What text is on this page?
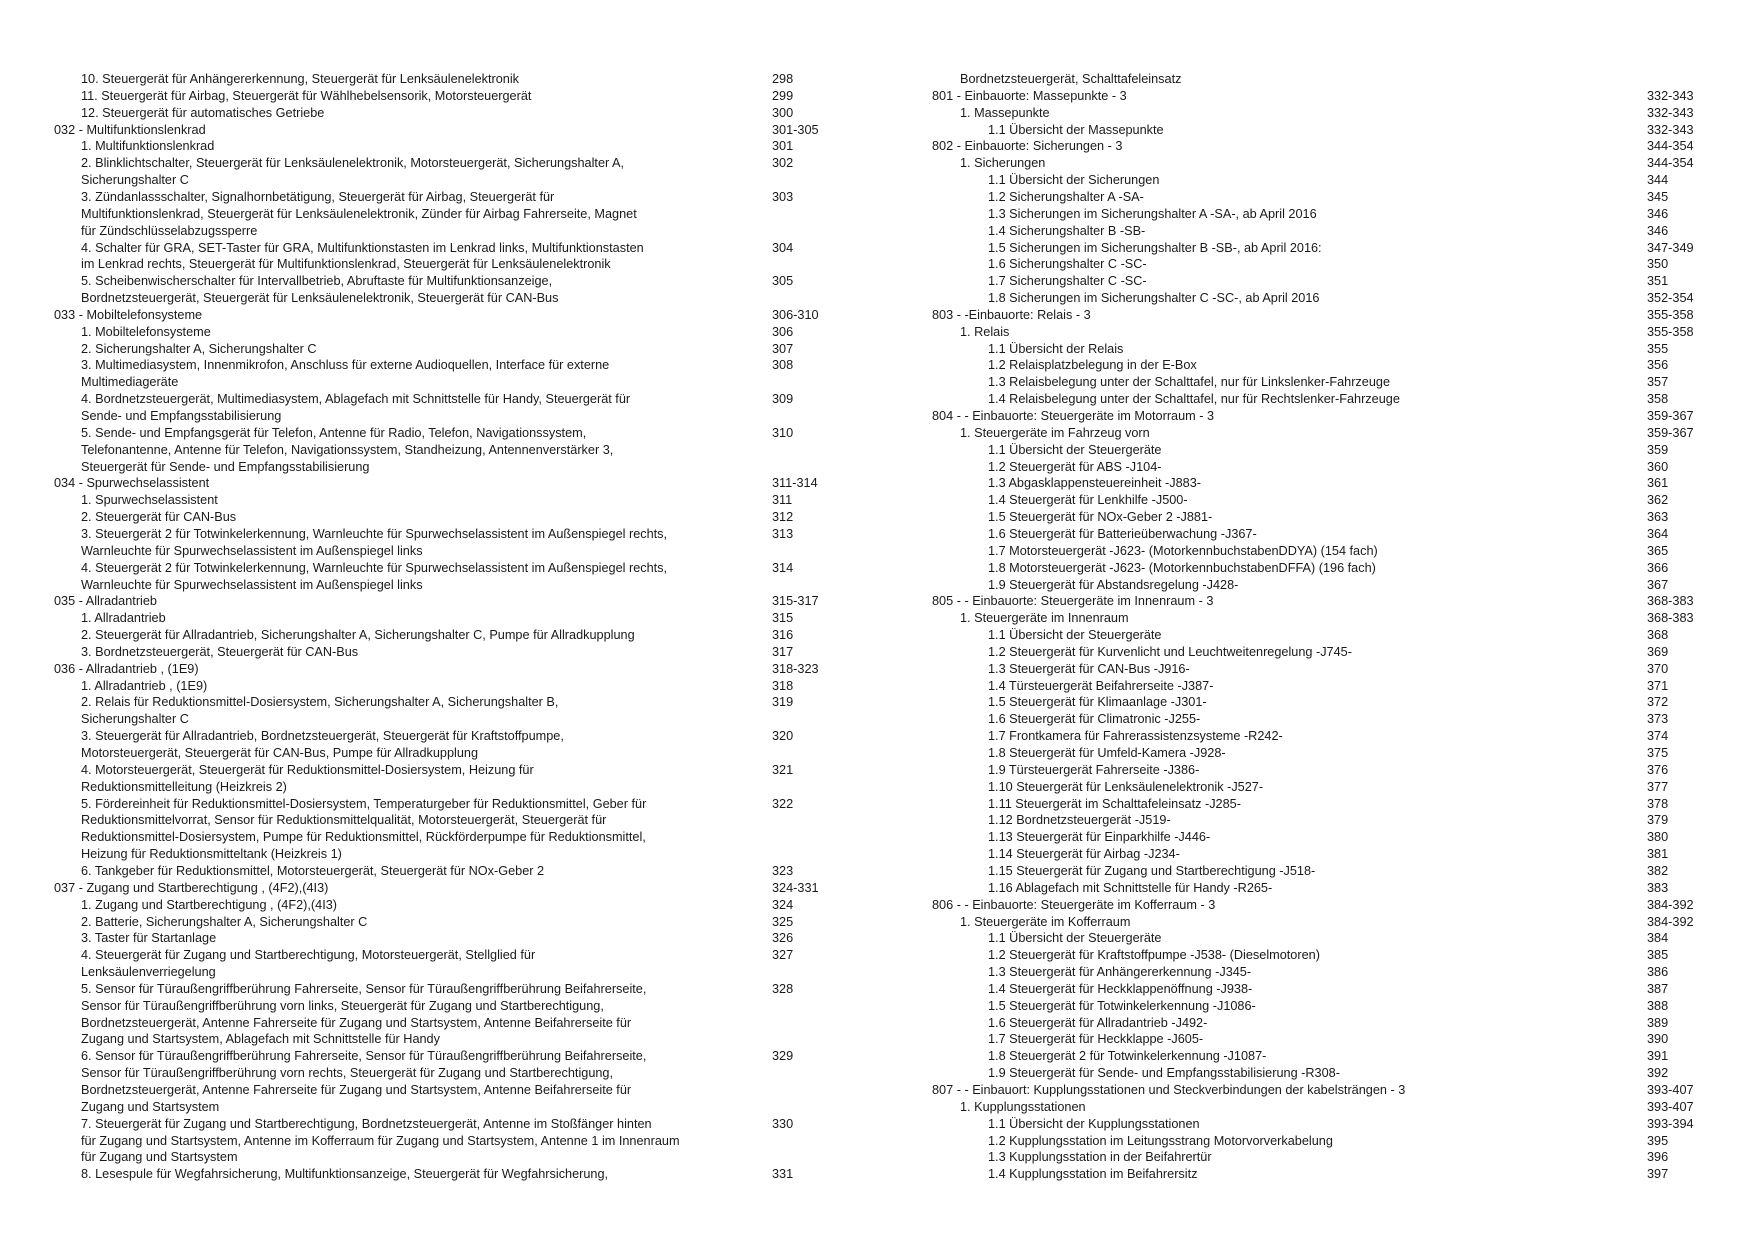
10. Steuergerät für Anhängererkennung, Steuergerät für Lenksäulenelektronik	298
11. Steuergerät für Airbag, Steuergerät für Wählhebelsensorik, Motorsteuergerät	299
12. Steuergerät für automatisches Getriebe	300
032 - Multifunktionslenkrad	301-305
1. Multifunktionslenkrad	301
2. Blinklichtschalter, Steuergerät für Lenksäulenelektronik, Motorsteuergerät, Sicherungshalter A,
Sicherungshalter C
302
3. Zündanlassschalter, Signalhornbetätigung, Steuergerät für Airbag, Steuergerät für
Multifunktionslenkrad, Steuergerät für Lenksäulenelektronik, Zünder für Airbag Fahrerseite, Magnet
für Zündschlüsselabzugssperre
303
4. Schalter für GRA, SET-Taster für GRA, Multifunktionstasten im Lenkrad links, Multifunktionstasten
im Lenkrad rechts, Steuergerät für Multifunktionslenkrad, Steuergerät für Lenksäulenelektronik
304
5. Scheibenwischerschalter für Intervallbetrieb, Abruftaste für Multifunktionsanzeige,
Bordnetzsteuergerät, Steuergerät für Lenksäulenelektronik, Steuergerät für CAN-Bus
305
033 - Mobiltelefonsysteme	306-310
1. Mobiltelefonsysteme	306
2. Sicherungshalter A, Sicherungshalter C	307
3. Multimediasystem, Innenmikrofon, Anschluss für externe Audioquellen, Interface für externe
Multimediageräte
308
4. Bordnetzsteuergerät, Multimediasystem, Ablagefach mit Schnittstelle für Handy, Steuergerät für
Sende- und Empfangsstabilisierung
309
5. Sende- und Empfangsgerät für Telefon, Antenne für Radio, Telefon, Navigationssystem,
Telefonantenne, Antenne für Telefon, Navigationssystem, Standheizung, Antennenverstärker 3,
Steuergerät für Sende- und Empfangsstabilisierung
310
034 - Spurwechselassistent	311-314
1. Spurwechselassistent	311
2. Steuergerät für CAN-Bus	312
3. Steuergerät 2 für Totwinkelerkennung, Warnleuchte für Spurwechselassistent im Außenspiegel rechts,
Warnleuchte für Spurwechselassistent im Außenspiegel links
313
4. Steuergerät 2 für Totwinkelerkennung, Warnleuchte für Spurwechselassistent im Außenspiegel rechts,
Warnleuchte für Spurwechselassistent im Außenspiegel links
314
035 - Allradantrieb	315-317
1. Allradantrieb	315
2. Steuergerät für Allradantrieb, Sicherungshalter A, Sicherungshalter C, Pumpe für Allradkupplung	316
3. Bordnetzsteuergerät, Steuergerät für CAN-Bus	317
036 - Allradantrieb , (1E9)	318-323
1. Allradantrieb , (1E9)	318
2. Relais für Reduktionsmittel-Dosiersystem, Sicherungshalter A, Sicherungshalter B,
Sicherungshalter C
319
3. Steuergerät für Allradantrieb, Bordnetzsteuergerät, Steuergerät für Kraftstoffpumpe,
Motorsteuergerät, Steuergerät für CAN-Bus, Pumpe für Allradkupplung
320
4. Motorsteuergerät, Steuergerät für Reduktionsmittel-Dosiersystem, Heizung für
Reduktionsmittelleitung (Heizkreis 2)
321
5. Fördereinheit für Reduktionsmittel-Dosiersystem, Temperaturgeber für Reduktionsmittel, Geber für
Reduktionsmittelvorrat, Sensor für Reduktionsmittelqualität, Motorsteuergerät, Steuergerät für
Reduktionsmittel-Dosiersystem, Pumpe für Reduktionsmittel, Rückförderpumpe für Reduktionsmittel,
Heizung für Reduktionsmitteltank (Heizkreis 1)
322
6. Tankgeber für Reduktionsmittel, Motorsteuergerät, Steuergerät für NOx-Geber 2	323
037 - Zugang und Startberechtigung , (4F2),(4I3)	324-331
1. Zugang und Startberechtigung , (4F2),(4I3)	324
2. Batterie, Sicherungshalter A, Sicherungshalter C	325
3. Taster für Startanlage	326
4. Steuergerät für Zugang und Startberechtigung, Motorsteuergerät, Stellglied für
Lenksäulenverriegelung
327
5. Sensor für Türaußengriffberührung Fahrerseite, Sensor für Türaußengriffberührung Beifahrerseite,
Sensor für Türaußengriffberührung vorn links, Steuergerät für Zugang und Startberechtigung,
Bordnetzsteuergerät, Antenne Fahrerseite für Zugang und Startsystem, Antenne Beifahrerseite für
Zugang und Startsystem, Ablagefach mit Schnittstelle für Handy
328
6. Sensor für Türaußengriffberührung Fahrerseite, Sensor für Türaußengriffberührung Beifahrerseite,
Sensor für Türaußengriffberührung vorn rechts, Steuergerät für Zugang und Startberechtigung,
Bordnetzsteuergerät, Antenne Fahrerseite für Zugang und Startsystem, Antenne Beifahrerseite für
Zugang und Startsystem
329
7. Steuergerät für Zugang und Startberechtigung, Bordnetzsteuergerät, Antenne im Stoßfänger hinten
für Zugang und Startsystem, Antenne im Kofferraum für Zugang und Startsystem, Antenne 1 im Innenraum
für Zugang und Startsystem
330
8. Lesespule für Wegfahrsicherung, Multifunktionsanzeige, Steuergerät für Wegfahrsicherung,	331
Bordnetzsteuergerät, Schalttafeleinsatz
801 - Einbauorte: Massepunkte - 3	332-343
1. Massepunkte	332-343
1.1 Übersicht der Massepunkte	332-343
802 - Einbauorte: Sicherungen - 3	344-354
1. Sicherungen	344-354
1.1 Übersicht der Sicherungen	344
1.2 Sicherungshalter A -SA-	345
1.3 Sicherungen im Sicherungshalter A -SA-, ab April 2016	346
1.4 Sicherungshalter B -SB-	346
1.5 Sicherungen im Sicherungshalter B -SB-, ab April 2016:	347-349
1.6 Sicherungshalter C -SC-	350
1.7 Sicherungshalter C -SC-	351
1.8 Sicherungen im Sicherungshalter C -SC-, ab April 2016	352-354
803 - -Einbauorte: Relais - 3	355-358
1. Relais	355-358
1.1 Übersicht der Relais	355
1.2 Relaisplatzbelegung in der E-Box	356
1.3 Relaisbelegung unter der Schalttafel, nur für Linkslenker-Fahrzeuge	357
1.4 Relaisbelegung unter der Schalttafel, nur für Rechtslenker-Fahrzeuge	358
804 - - Einbauorte: Steuergeräte im Motorraum - 3	359-367
1. Steuergeräte im Fahrzeug vorn	359-367
1.1 Übersicht der Steuergeräte	359
1.2 Steuergerät für ABS -J104-	360
1.3 Abgasklappensteuereinheit -J883-	361
1.4 Steuergerät für Lenkhilfe -J500-	362
1.5 Steuergerät für NOx-Geber 2 -J881-	363
1.6 Steuergerät für Batterieüberwachung -J367-	364
1.7 Motorsteuergerät -J623- (MotorkennbuchstabenDDYA) (154 fach)	365
1.8 Motorsteuergerät -J623- (MotorkennbuchstabenDFFA) (196 fach)	366
1.9 Steuergerät für Abstandsregelung -J428-	367
805 - - Einbauorte: Steuergeräte im Innenraum - 3	368-383
1. Steuergeräte im Innenraum	368-383
1.1 Übersicht der Steuergeräte	368
1.2 Steuergerät für Kurvenlicht und Leuchtweitenregelung -J745-	369
1.3 Steuergerät für CAN-Bus -J916-	370
1.4 Türsteuergerät Beifahrerseite -J387-	371
1.5 Steuergerät für Klimaanlage -J301-	372
1.6 Steuergerät für Climatronic -J255-	373
1.7 Frontkamera für Fahrerassistenzsysteme -R242-	374
1.8 Steuergerät für Umfeld-Kamera -J928-	375
1.9 Türsteuergerät Fahrerseite -J386-	376
1.10 Steuergerät für Lenksäulenelektronik -J527-	377
1.11 Steuergerät im Schalttafeleinsatz -J285-	378
1.12 Bordnetzsteuergerät -J519-	379
1.13 Steuergerät für Einparkhilfe -J446-	380
1.14 Steuergerät für Airbag -J234-	381
1.15 Steuergerät für Zugang und Startberechtigung -J518-	382
1.16 Ablagefach mit Schnittstelle für Handy -R265-	383
806 - - Einbauorte: Steuergeräte im Kofferraum - 3	384-392
1. Steuergeräte im Kofferraum	384-392
1.1 Übersicht der Steuergeräte	384
1.2 Steuergerät für Kraftstoffpumpe -J538- (Dieselmotoren)	385
1.3 Steuergerät für Anhängererkennung -J345-	386
1.4 Steuergerät für Heckklappenöffnung -J938-	387
1.5 Steuergerät für Totwinkelerkennung -J1086-	388
1.6 Steuergerät für Allradantrieb -J492-	389
1.7 Steuergerät für Heckklappe -J605-	390
1.8 Steuergerät 2 für Totwinkelerkennung -J1087-	391
1.9 Steuergerät für Sende- und Empfangsstabilisierung -R308-	392
807 - - Einbauort: Kupplungsstationen und Steckverbindungen der kabelsträngen - 3	393-407
1. Kupplungsstationen	393-407
1.1 Übersicht der Kupplungsstationen	393-394
1.2 Kupplungsstation im Leitungsstrang Motorvorverkabelung	395
1.3 Kupplungsstation in der Beifahrertür	396
1.4 Kupplungsstation im Beifahrersitz	397
